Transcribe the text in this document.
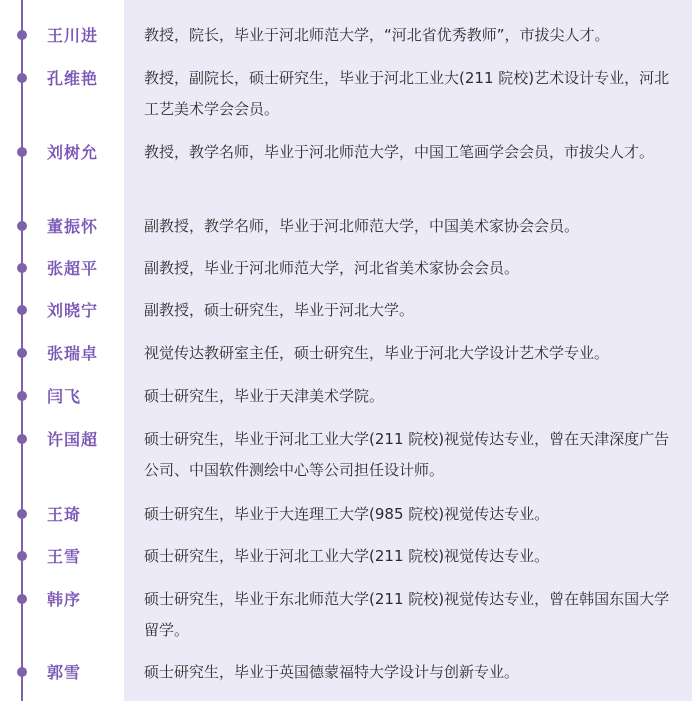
王川进	教授，院长，毕业于河北师范大学，“河北省优秀教师”，市拔尖人才。

孔维艳	教授，副院长，硕士研究生，毕业于河北工业大(211 院校)艺术设计专业，河北工艺美术学会会员。

刘树允	教授，教学名师，毕业于河北师范大学，中国工笔画学会会员，市拔尖人才。

董振怀	副教授，教学名师，毕业于河北师范大学，中国美术家协会会员。

张超平	副教授，毕业于河北师范大学，河北省美术家协会会员。

刘晓宁	副教授，硕士研究生，毕业于河北大学。

张瑞卓	视觉传达教研室主任，硕士研究生，毕业于河北大学设计艺术学专业。

闫飞	硕士研究生，毕业于天津美术学院。

许国超	硕士研究生，毕业于河北工业大学(211 院校)视觉传达专业，曾在天津深度广告公司、中国软件测绘中心等公司担任设计师。

王琦	硕士研究生，毕业于大连理工大学(985 院校)视觉传达专业。

王雪	硕士研究生，毕业于河北工业大学(211 院校)视觉传达专业。

韩序	硕士研究生，毕业于东北师范大学(211 院校)视觉传达专业，曾在韩国东国大学留学。

郭雪	硕士研究生，毕业于英国德蒙福特大学设计与创新专业。
